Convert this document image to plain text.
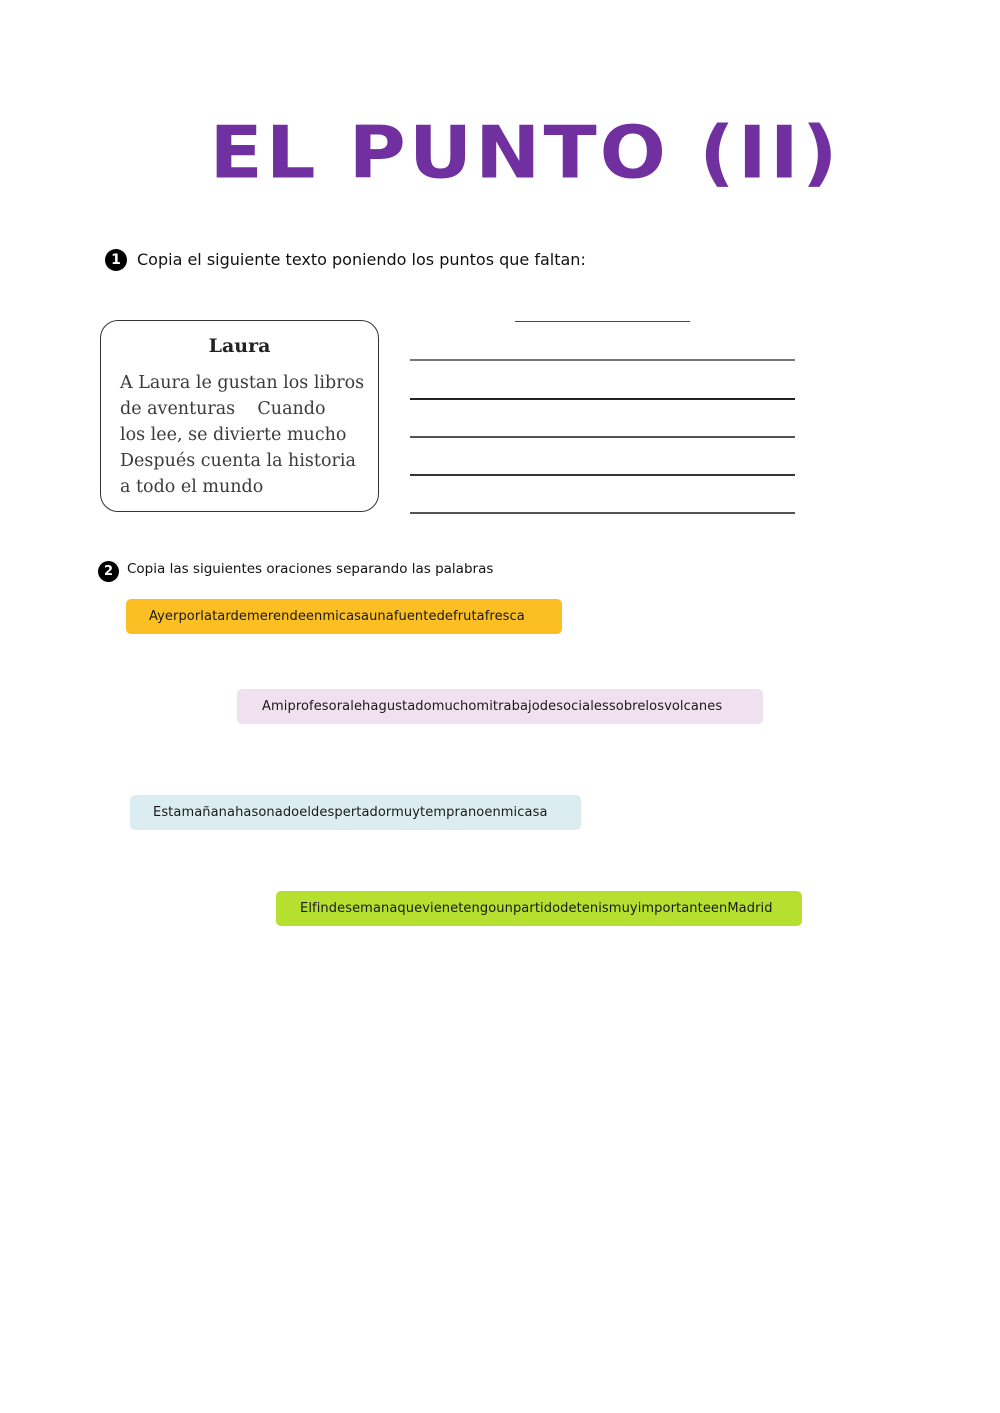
EL PUNTO (II)
1	Copia el siguiente texto poniendo los puntos que faltan:
Laura
A Laura le gustan los libros
de aventuras    Cuando
los lee, se divierte mucho
Después cuenta la historia
a todo el mundo
2	Copia las siguientes oraciones separando las palabras
Ayerporlatardemerendeenmicasaunafuentedefrutafresca
Amiprofesoralehagustadomuchomitrabajodesocialessobrelosvolcanes
Estamañanahasonadoeldespertadormuytempranoenmicasa
ElfindesemanaquevienetengounpartidodetenismuyimportanteenMadrid
